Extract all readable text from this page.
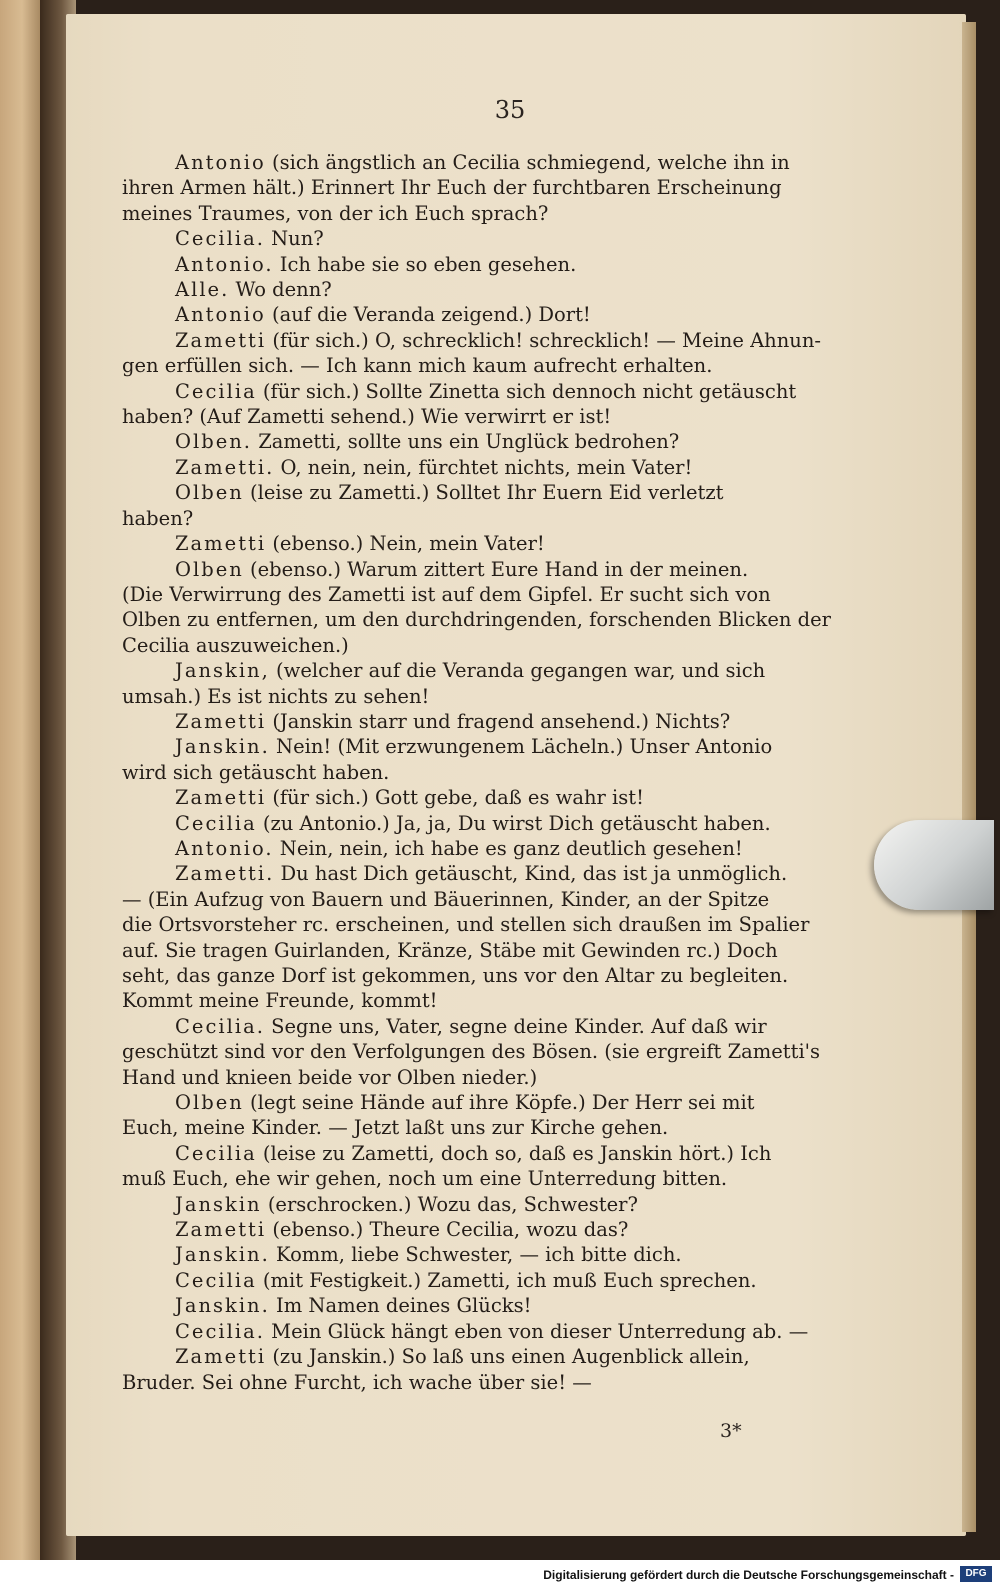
35
Antonio (sich ängstlich an Cecilia schmiegend, welche ihn in
ihren Armen hält.) Erinnert Ihr Euch der furchtbaren Erscheinung
meines Traumes, von der ich Euch sprach?
Cecilia. Nun?
Antonio. Ich habe sie so eben gesehen.
Alle. Wo denn?
Antonio (auf die Veranda zeigend.) Dort!
Zametti (für sich.) O, schrecklich! schrecklich! — Meine Ahnun-
gen erfüllen sich. — Ich kann mich kaum aufrecht erhalten.
Cecilia (für sich.) Sollte Zinetta sich dennoch nicht getäuscht
haben? (Auf Zametti sehend.) Wie verwirrt er ist!
Olben. Zametti, sollte uns ein Unglück bedrohen?
Zametti. O, nein, nein, fürchtet nichts, mein Vater!
Olben (leise zu Zametti.) Solltet Ihr Euern Eid verletzt
haben?
Zametti (ebenso.) Nein, mein Vater!
Olben (ebenso.) Warum zittert Eure Hand in der meinen.
(Die Verwirrung des Zametti ist auf dem Gipfel. Er sucht sich von
Olben zu entfernen, um den durchdringenden, forschenden Blicken der
Cecilia auszuweichen.)
Janskin, (welcher auf die Veranda gegangen war, und sich
umsah.) Es ist nichts zu sehen!
Zametti (Janskin starr und fragend ansehend.) Nichts?
Janskin. Nein! (Mit erzwungenem Lächeln.) Unser Antonio
wird sich getäuscht haben.
Zametti (für sich.) Gott gebe, daß es wahr ist!
Cecilia (zu Antonio.) Ja, ja, Du wirst Dich getäuscht haben.
Antonio. Nein, nein, ich habe es ganz deutlich gesehen!
Zametti. Du hast Dich getäuscht, Kind, das ist ja unmöglich.
— (Ein Aufzug von Bauern und Bäuerinnen, Kinder, an der Spitze
die Ortsvorsteher rc. erscheinen, und stellen sich draußen im Spalier
auf. Sie tragen Guirlanden, Kränze, Stäbe mit Gewinden rc.) Doch
seht, das ganze Dorf ist gekommen, uns vor den Altar zu begleiten.
Kommt meine Freunde, kommt!
Cecilia. Segne uns, Vater, segne deine Kinder. Auf daß wir
geschützt sind vor den Verfolgungen des Bösen. (sie ergreift Zametti's
Hand und knieen beide vor Olben nieder.)
Olben (legt seine Hände auf ihre Köpfe.) Der Herr sei mit
Euch, meine Kinder. — Jetzt laßt uns zur Kirche gehen.
Cecilia (leise zu Zametti, doch so, daß es Janskin hört.) Ich
muß Euch, ehe wir gehen, noch um eine Unterredung bitten.
Janskin (erschrocken.) Wozu das, Schwester?
Zametti (ebenso.) Theure Cecilia, wozu das?
Janskin. Komm, liebe Schwester, — ich bitte dich.
Cecilia (mit Festigkeit.) Zametti, ich muß Euch sprechen.
Janskin. Im Namen deines Glücks!
Cecilia. Mein Glück hängt eben von dieser Unterredung ab. —
Zametti (zu Janskin.) So laß uns einen Augenblick allein,
Bruder. Sei ohne Furcht, ich wache über sie! —
3*
Digitalisierung gefördert durch die Deutsche Forschungsgemeinschaft -	DFG
